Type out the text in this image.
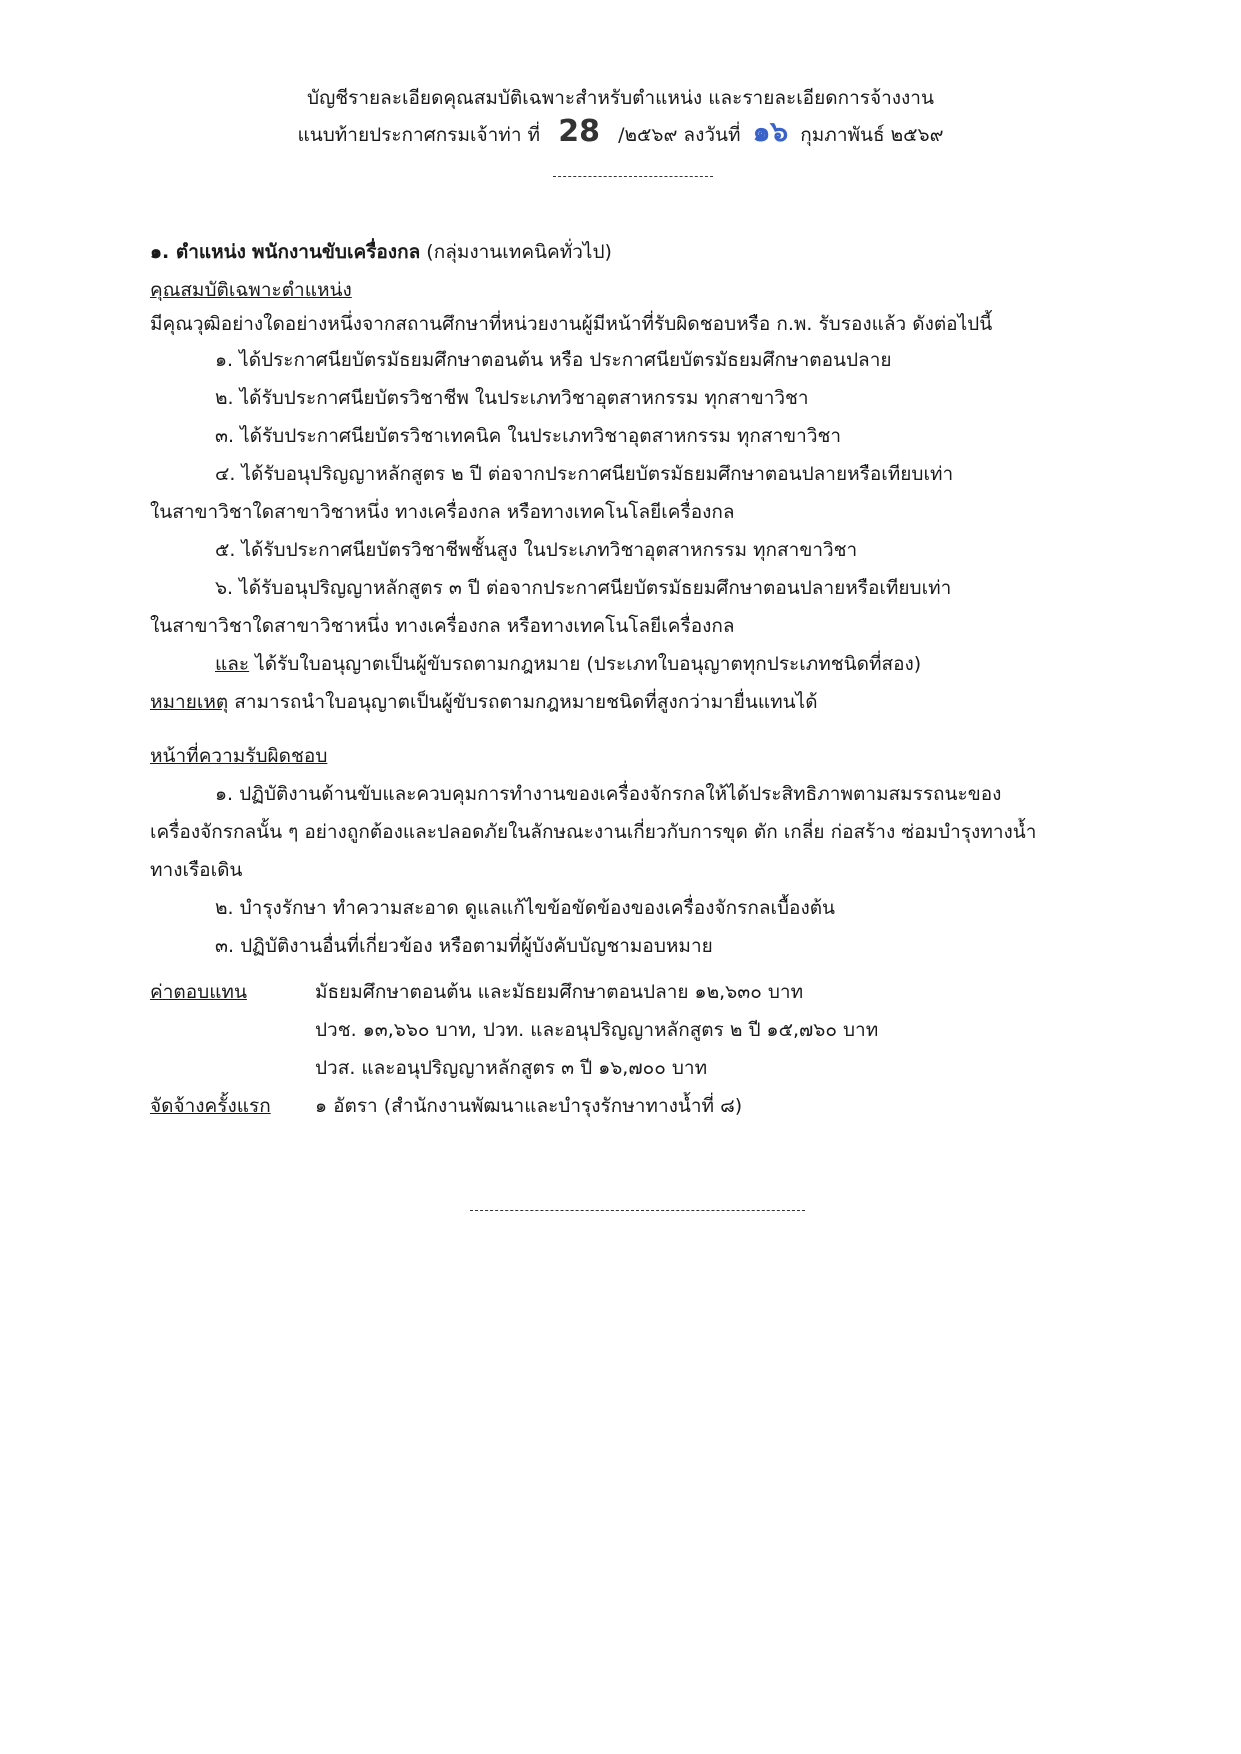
บัญชีรายละเอียดคุณสมบัติเฉพาะสำหรับตำแหน่ง และรายละเอียดการจ้างงาน
แนบท้ายประกาศกรมเจ้าท่า ที่ 28 /๒๕๖๙ ลงวันที่ ๑๖ กุมภาพันธ์ ๒๕๖๙
๑. ตำแหน่ง พนักงานขับเครื่องกล (กลุ่มงานเทคนิคทั่วไป)
คุณสมบัติเฉพาะตำแหน่ง
มีคุณวุฒิอย่างใดอย่างหนึ่งจากสถานศึกษาที่หน่วยงานผู้มีหน้าที่รับผิดชอบหรือ ก.พ. รับรองแล้ว ดังต่อไปนี้
๑. ได้ประกาศนียบัตรมัธยมศึกษาตอนต้น หรือ ประกาศนียบัตรมัธยมศึกษาตอนปลาย
๒. ได้รับประกาศนียบัตรวิชาชีพ ในประเภทวิชาอุตสาหกรรม ทุกสาขาวิชา
๓. ได้รับประกาศนียบัตรวิชาเทคนิค ในประเภทวิชาอุตสาหกรรม ทุกสาขาวิชา
๔. ได้รับอนุปริญญาหลักสูตร ๒ ปี ต่อจากประกาศนียบัตรมัธยมศึกษาตอนปลายหรือเทียบเท่า
ในสาขาวิชาใดสาขาวิชาหนึ่ง ทางเครื่องกล หรือทางเทคโนโลยีเครื่องกล
๕. ได้รับประกาศนียบัตรวิชาชีพชั้นสูง ในประเภทวิชาอุตสาหกรรม ทุกสาขาวิชา
๖. ได้รับอนุปริญญาหลักสูตร ๓ ปี ต่อจากประกาศนียบัตรมัธยมศึกษาตอนปลายหรือเทียบเท่า
ในสาขาวิชาใดสาขาวิชาหนึ่ง ทางเครื่องกล หรือทางเทคโนโลยีเครื่องกล
และ ได้รับใบอนุญาตเป็นผู้ขับรถตามกฎหมาย (ประเภทใบอนุญาตทุกประเภทชนิดที่สอง)
หมายเหตุ สามารถนำใบอนุญาตเป็นผู้ขับรถตามกฎหมายชนิดที่สูงกว่ามายื่นแทนได้
หน้าที่ความรับผิดชอบ
๑. ปฏิบัติงานด้านขับและควบคุมการทำงานของเครื่องจักรกลให้ได้ประสิทธิภาพตามสมรรถนะของ
เครื่องจักรกลนั้น ๆ อย่างถูกต้องและปลอดภัยในลักษณะงานเกี่ยวกับการขุด ตัก เกลี่ย ก่อสร้าง ซ่อมบำรุงทางน้ำ
ทางเรือเดิน
๒. บำรุงรักษา ทำความสะอาด ดูแลแก้ไขข้อขัดข้องของเครื่องจักรกลเบื้องต้น
๓. ปฏิบัติงานอื่นที่เกี่ยวข้อง หรือตามที่ผู้บังคับบัญชามอบหมาย
ค่าตอบแทน	มัธยมศึกษาตอนต้น และมัธยมศึกษาตอนปลาย ๑๒,๖๓๐ บาท
ปวช. ๑๓,๖๖๐ บาท, ปวท. และอนุปริญญาหลักสูตร ๒ ปี ๑๕,๗๖๐ บาท
ปวส. และอนุปริญญาหลักสูตร ๓ ปี ๑๖,๗๐๐ บาท
จัดจ้างครั้งแรก ๑ อัตรา (สำนักงานพัฒนาและบำรุงรักษาทางน้ำที่ ๘)
